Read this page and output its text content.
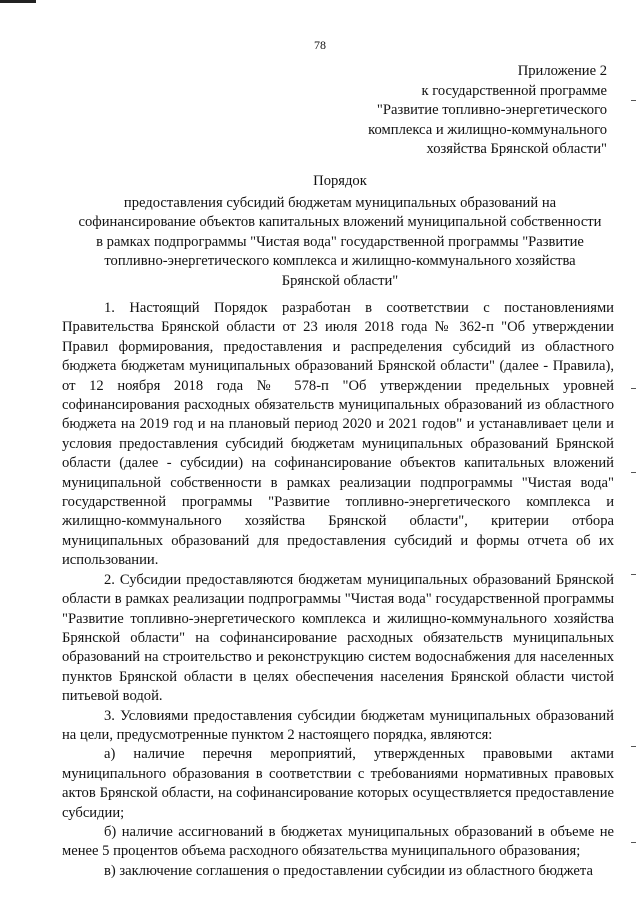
78
Приложение 2
к государственной программе
"Развитие топливно-энергетического
комплекса и жилищно-коммунального
хозяйства Брянской области"
Порядок
предоставления субсидий бюджетам муниципальных образований на
софинансирование объектов капитальных вложений муниципальной собственности
в рамках подпрограммы "Чистая вода" государственной программы "Развитие
топливно-энергетического комплекса и жилищно-коммунального хозяйства
Брянской области"

1. Настоящий Порядок разработан в соответствии с постановлениями Правительства Брянской области от 23 июля 2018 года № 362-п "Об утверждении Правил формирования, предоставления и распределения субсидий из областного бюджета бюджетам муниципальных образований Брянской области" (далее - Правила), от 12 ноября 2018 года № 578-п "Об утверждении предельных уровней софинансирования расходных обязательств муниципальных образований из областного бюджета на 2019 год и на плановый период 2020 и 2021 годов" и устанавливает цели и условия предоставления субсидий бюджетам муниципальных образований Брянской области (далее - субсидии) на софинансирование объектов капитальных вложений муниципальной собственности в рамках реализации подпрограммы "Чистая вода" государственной программы "Развитие топливно-энергетического комплекса и жилищно-коммунального хозяйства Брянской области", критерии отбора муниципальных образований для предоставления субсидий и формы отчета об их использовании.

2. Субсидии предоставляются бюджетам муниципальных образований Брянской области в рамках реализации подпрограммы "Чистая вода" государственной программы "Развитие топливно-энергетического комплекса и жилищно-коммунального хозяйства Брянской области" на софинансирование расходных обязательств муниципальных образований на строительство и реконструкцию систем водоснабжения для населенных пунктов Брянской области в целях обеспечения населения Брянской области чистой питьевой водой.

3. Условиями предоставления субсидии бюджетам муниципальных образований на цели, предусмотренные пунктом 2 настоящего порядка, являются:

а) наличие перечня мероприятий, утвержденных правовыми актами муниципального образования в соответствии с требованиями нормативных правовых актов Брянской области, на софинансирование которых осуществляется предоставление субсидии;

б) наличие ассигнований в бюджетах муниципальных образований в объеме не менее 5 процентов объема расходного обязательства муниципального образования;

в) заключение соглашения о предоставлении субсидии из областного бюджета
